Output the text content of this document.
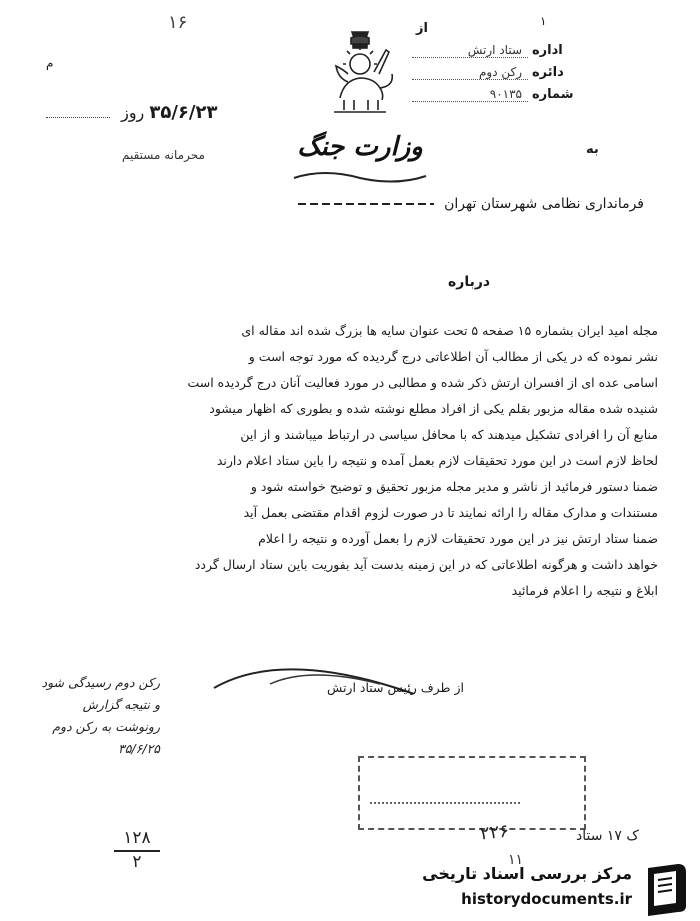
۱۶
م
۱
از
اداره
ستاد ارتش
دائره
رکن دوم
شماره
۹۰۱۳۵
وزارت جنگ
۳۵/۶/۲۳ روز
محرمانه مستقیم	به
فرمانداری نظامی شهرستان تهران
درباره

مجله امید ایران بشماره ۱۵ صفحه ۵ تحت عنوان سایه ها بزرگ شده اند مقاله ای

نشر نموده که در یکی از مطالب آن اطلاعاتی درج گردیده که مورد توجه است و

اسامی عده ای از افسران ارتش ذکر شده و مطالبی در مورد فعالیت آنان درج گردیده است

شنیده شده مقاله مزبور بقلم یکی از افراد مطلع نوشته شده و بطوری که اظهار میشود

منابع آن را افرادی تشکیل میدهند که با محافل سیاسی در ارتباط میباشند و از این

لحاظ لازم است در این مورد تحقیقات لازم بعمل آمده و نتیجه را باین ستاد اعلام دارند

ضمنا دستور فرمائید از ناشر و مدیر مجله مزبور تحقیق و توضیح خواسته شود و

مستندات و مدارک مقاله را ارائه نمایند تا در صورت لزوم اقدام مقتضی بعمل آید

ضمنا ستاد ارتش نیز در این مورد تحقیقات لازم را بعمل آورده و نتیجه را اعلام

خواهد داشت و هرگونه اطلاعاتی که در این زمینه بدست آید بفوریت باین ستاد ارسال گردد

ابلاغ و نتیجه را اعلام فرمائید

از طرف رئیس ستاد ارتش
رکن دوم رسیدگی شود
و نتیجه گزارش
رونوشت به رکن دوم
۳۵/۶/۲۵
۱۲۸
۲
۲۲۶	ک ۱۷ ستاد
۱۱
مرکز بررسی اسناد تاریخی
historydocuments.ir
